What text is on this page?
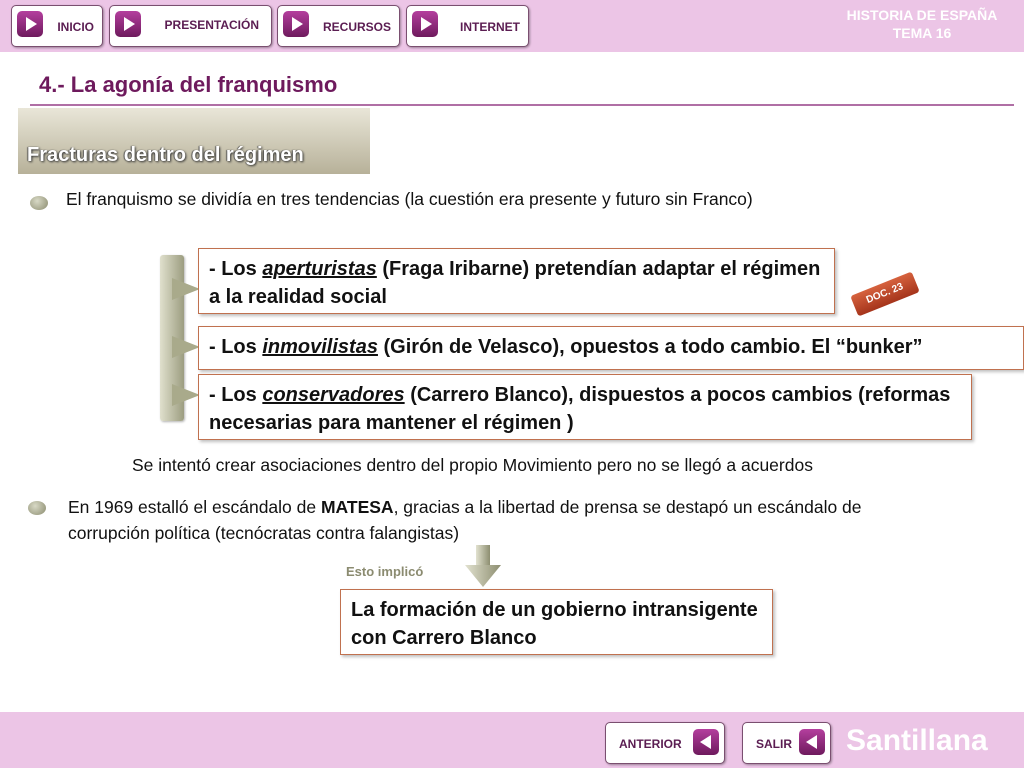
INICIO	PRESENTACIÓN	RECURSOS	INTERNET
HISTORIA DE ESPAÑA
TEMA 16
4.- La agonía del franquismo
Fracturas dentro del régimen
El franquismo se dividía en tres tendencias (la cuestión era presente y futuro sin Franco)
- Los aperturistas (Fraga Iribarne) pretendían adaptar el régimen a la realidad social
- Los inmovilistas (Girón de Velasco), opuestos a todo cambio. El “bunker”
- Los conservadores (Carrero Blanco), dispuestos a pocos cambios (reformas necesarias para mantener el régimen )
DOC. 23
Se intentó crear asociaciones dentro del propio Movimiento pero no se llegó a acuerdos
En 1969 estalló el escándalo de MATESA, gracias a la libertad de prensa se destapó un escándalo de corrupción política (tecnócratas contra falangistas)
Esto implicó
La formación de un gobierno intransigente con Carrero Blanco
ANTERIOR	SALIR Santillana
